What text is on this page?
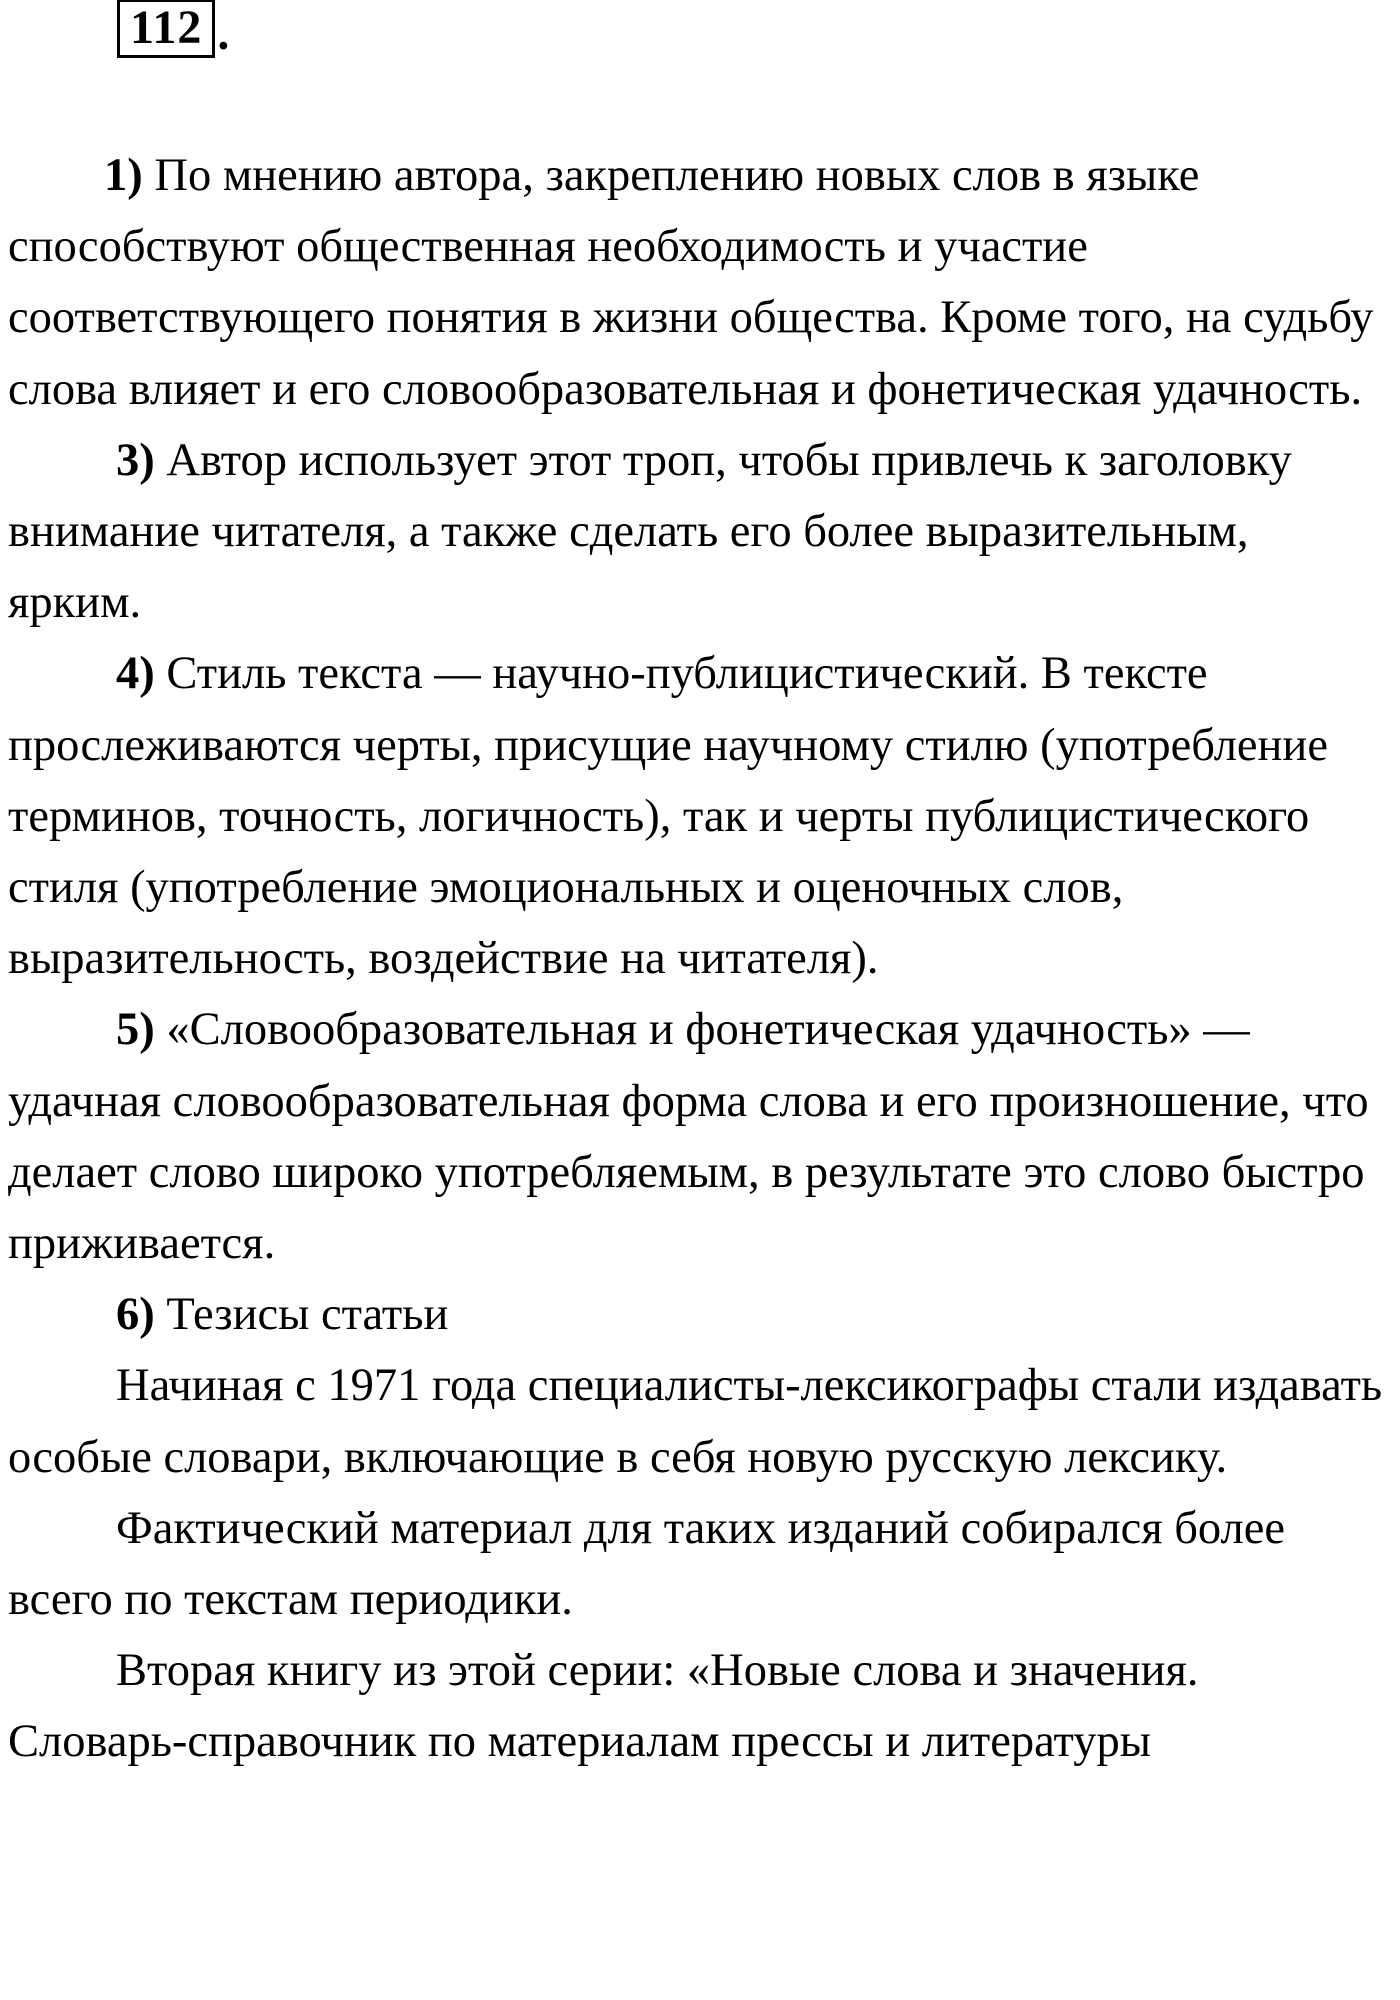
112 .

1) По мнению автора, закреплению новых слов в языке способствуют общественная необходимость и участие соответствующего понятия в жизни общества. Кроме того, на судьбу слова влияет и его словообразовательная и фонетическая удачность.

3) Автор использует этот троп, чтобы привлечь к заголовку внимание читателя, а также сделать его более выразительным, ярким.

4) Стиль текста — научно-публицистический. В тексте прослеживаются черты, присущие научному стилю (употребление терминов, точность, логичность), так и черты публицистического стиля (употребление эмоциональных и оценочных слов, выразительность, воздействие на читателя).

5) «Словообразовательная и фонетическая удачность» — удачная словообразовательная форма слова и его произношение, что делает слово широко употребляемым, в результате это слово быстро приживается.

6) Тезисы статьи

Начиная с 1971 года специалисты-лексикографы стали издавать особые словари, включающие в себя новую русскую лексику.

Фактический материал для таких изданий собирался более всего по текстам периодики.

Вторая книгу из этой серии: «Новые слова и значения. Словарь-справочник по материалам прессы и литературы
